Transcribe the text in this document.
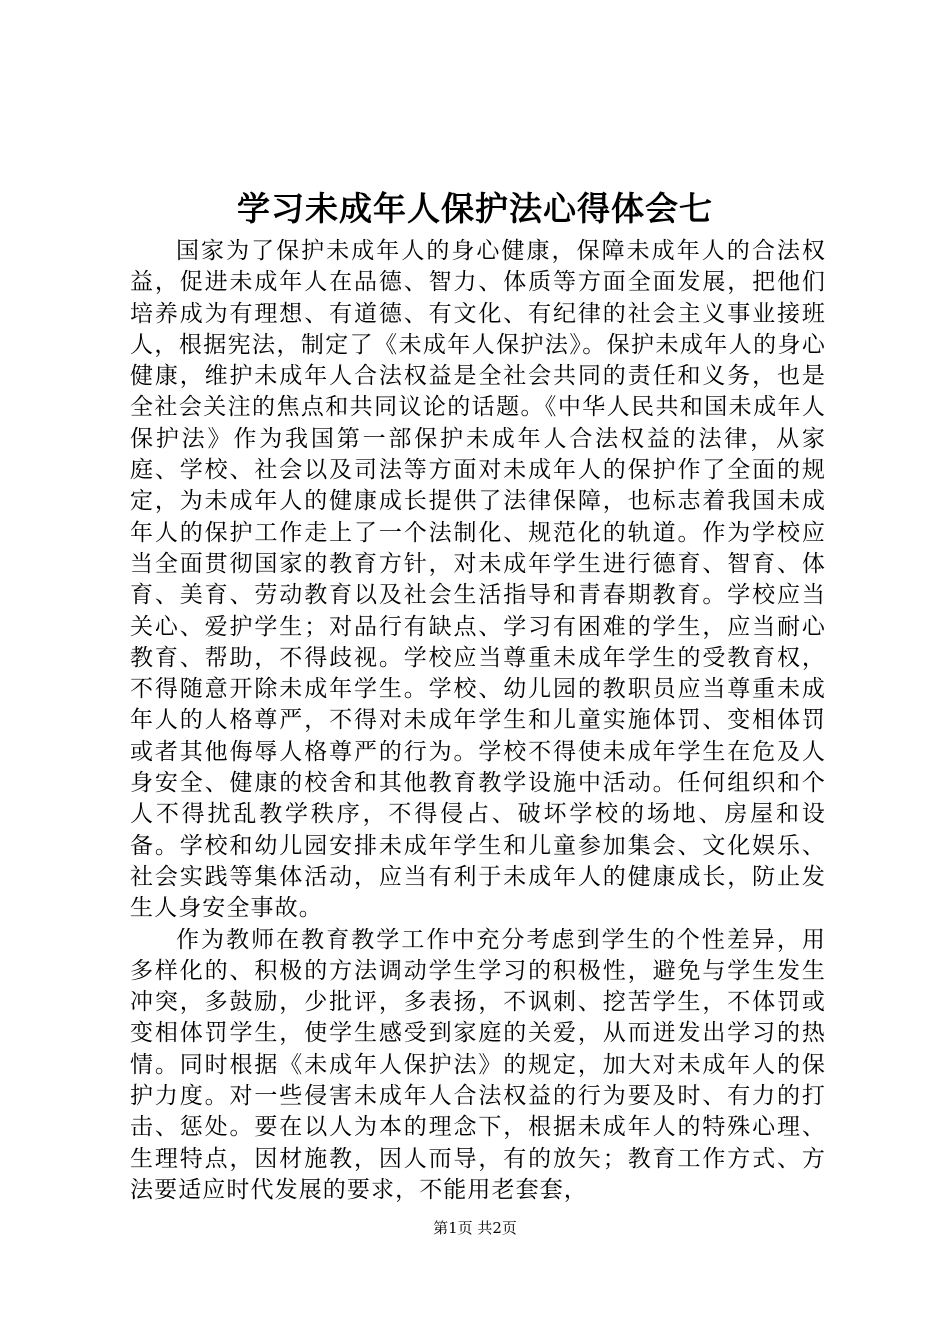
学习未成年人保护法心得体会七

国家为了保护未成年人的身心健康，保障未成年人的合法权益，促进未成年人在品德、智力、体质等方面全面发展，把他们培养成为有理想、有道德、有文化、有纪律的社会主义事业接班人，根据宪法，制定了《未成年人保护法》。保护未成年人的身心健康，维护未成年人合法权益是全社会共同的责任和义务，也是全社会关注的焦点和共同议论的话题。《中华人民共和国未成年人保护法》作为我国第一部保护未成年人合法权益的法律，从家庭、学校、社会以及司法等方面对未成年人的保护作了全面的规定，为未成年人的健康成长提供了法律保障，也标志着我国未成年人的保护工作走上了一个法制化、规范化的轨道。作为学校应当全面贯彻国家的教育方针，对未成年学生进行德育、智育、体育、美育、劳动教育以及社会生活指导和青春期教育。学校应当关心、爱护学生；对品行有缺点、学习有困难的学生，应当耐心教育、帮助，不得歧视。学校应当尊重未成年学生的受教育权，不得随意开除未成年学生。学校、幼儿园的教职员应当尊重未成年人的人格尊严，不得对未成年学生和儿童实施体罚、变相体罚或者其他侮辱人格尊严的行为。学校不得使未成年学生在危及人身安全、健康的校舍和其他教育教学设施中活动。任何组织和个人不得扰乱教学秩序，不得侵占、破坏学校的场地、房屋和设备。学校和幼儿园安排未成年学生和儿童参加集会、文化娱乐、社会实践等集体活动，应当有利于未成年人的健康成长，防止发生人身安全事故。

作为教师在教育教学工作中充分考虑到学生的个性差异，用多样化的、积极的方法调动学生学习的积极性，避免与学生发生冲突，多鼓励，少批评，多表扬，不讽刺、挖苦学生，不体罚或变相体罚学生，使学生感受到家庭的关爱，从而迸发出学习的热情。同时根据《未成年人保护法》的规定，加大对未成年人的保护力度。对一些侵害未成年人合法权益的行为要及时、有力的打击、惩处。要在以人为本的理念下，根据未成年人的特殊心理、生理特点，因材施教，因人而导，有的放矢；教育工作方式、方法要适应时代发展的要求，不能用老套套，

第1页 共2页
